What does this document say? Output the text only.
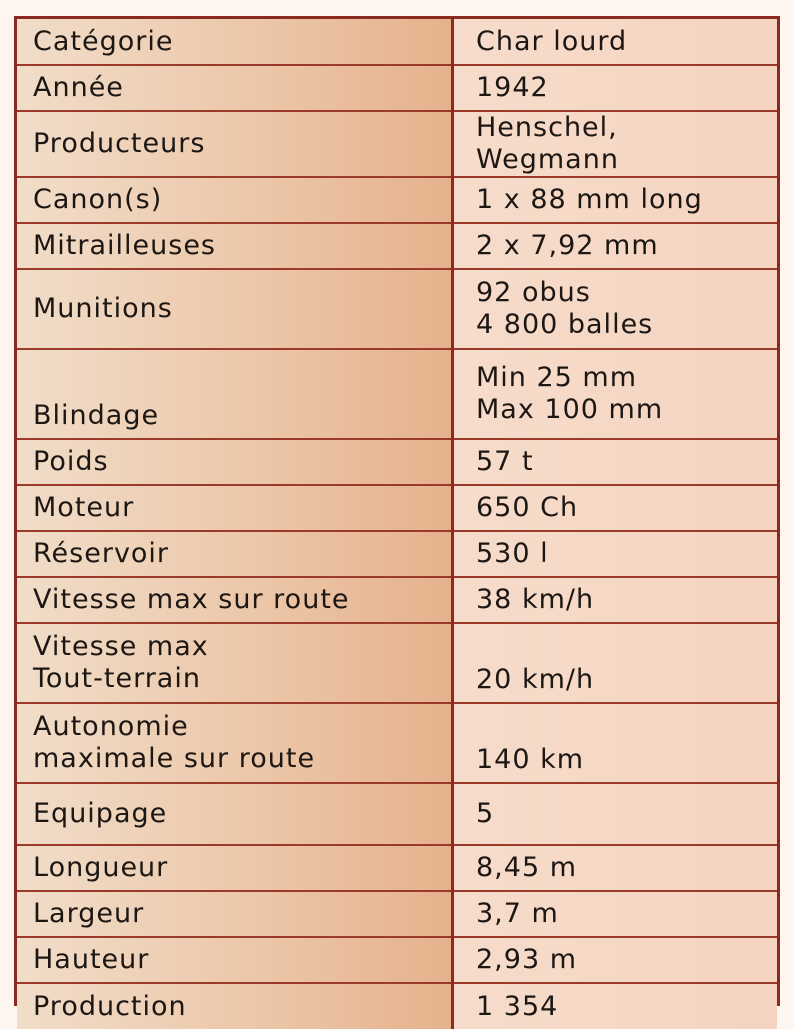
Catégorie	Char lourd
Année	1942
Producteurs	Henschel, Wegmann
Canon(s)	1 x 88 mm long
Mitrailleuses	2 x 7,92 mm
Munitions	92 obus
4 800 balles
Blindage	Min 25 mm
Max 100 mm
Poids	57 t
Moteur	650 Ch
Réservoir	530 l
Vitesse max sur route	38 km/h
Vitesse max
Tout-terrain	20 km/h
Autonomie
maximale sur route	140 km
Equipage	5
Longueur	8,45 m
Largeur	3,7 m
Hauteur	2,93 m
Production	1 354
